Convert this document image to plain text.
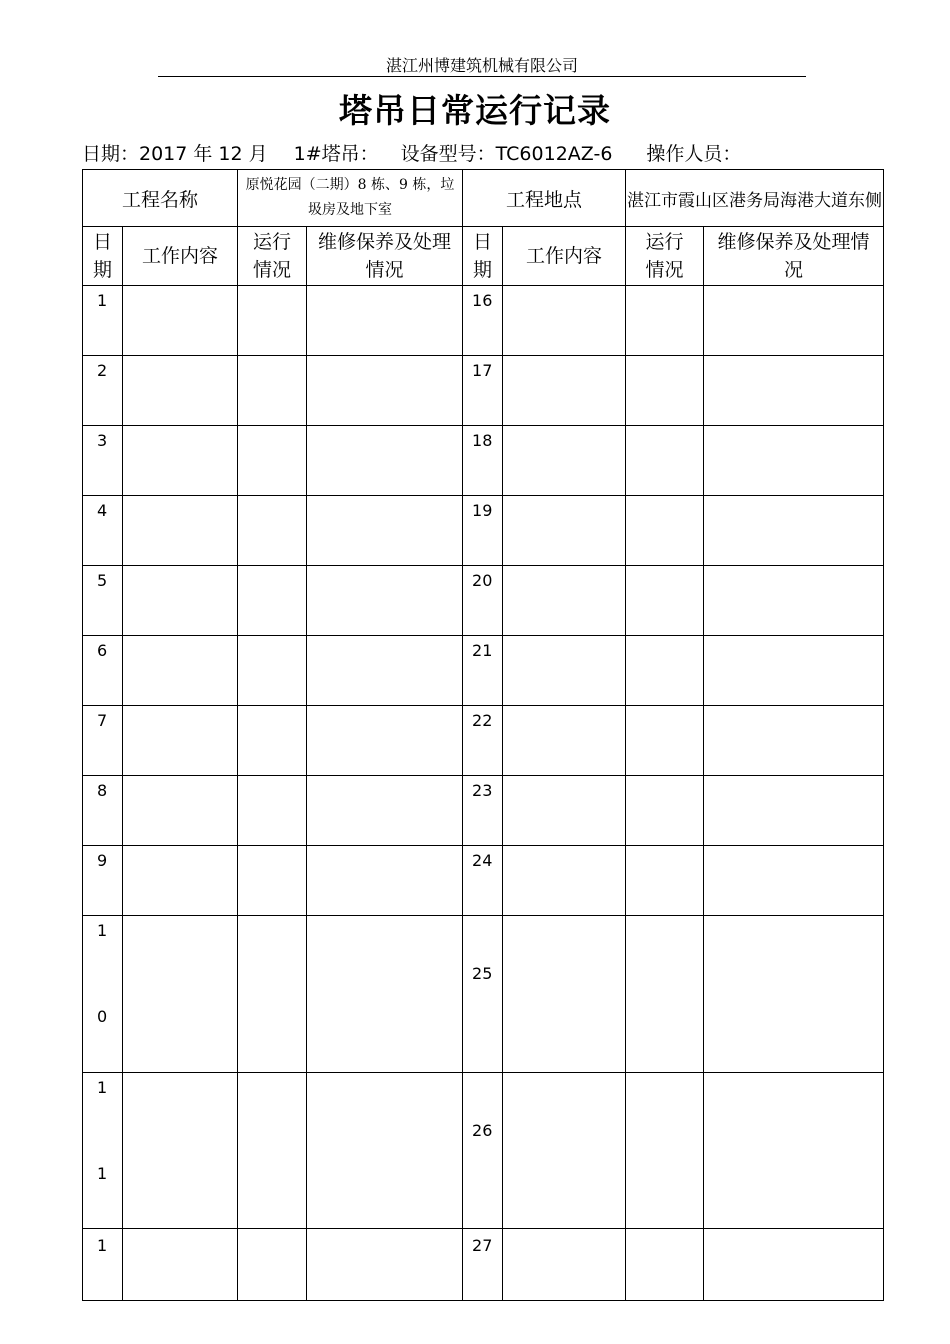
湛江州博建筑机械有限公司
塔吊日常运行记录
日期：2017 年 12 月 1#塔吊： 设备型号：TC6012AZ-6 操作人员：
工程名称		原悦花园（二期）8 栋、9 栋，垃圾房及地下室		工程地点		湛江市霞山区港务局海港大道东侧	
日期	工作内容	运行情况	维修保养及处理情况	日期	工作内容	运行情况	维修保养及处理情况
1				16			
2				17			
3				18			
4				19			
5				20			
6				21			
7				22			
8				23			
9				24			

1
0				25			

1
1				26			
1				27			
